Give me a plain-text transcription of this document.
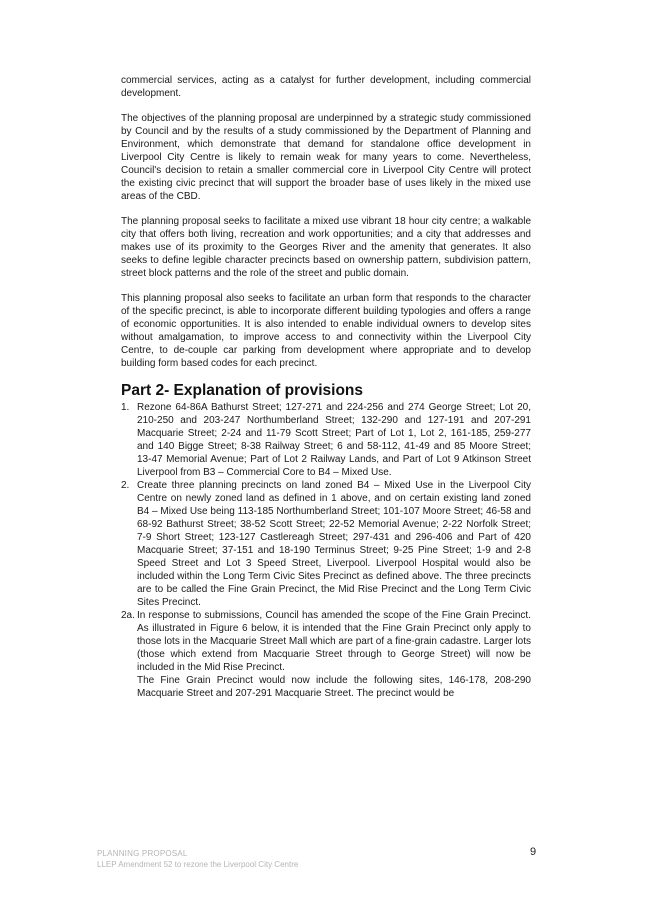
commercial services, acting as a catalyst for further development, including commercial development.

The objectives of the planning proposal are underpinned by a strategic study commissioned by Council and by the results of a study commissioned by the Department of Planning and Environment, which demonstrate that demand for standalone office development in Liverpool City Centre is likely to remain weak for many years to come. Nevertheless, Council's decision to retain a smaller commercial core in Liverpool City Centre will protect the existing civic precinct that will support the broader base of uses likely in the mixed use areas of the CBD.

The planning proposal seeks to facilitate a mixed use vibrant 18 hour city centre; a walkable city that offers both living, recreation and work opportunities; and a city that addresses and makes use of its proximity to the Georges River and the amenity that generates. It also seeks to define legible character precincts based on ownership pattern, subdivision pattern, street block patterns and the role of the street and public domain.

This planning proposal also seeks to facilitate an urban form that responds to the character of the specific precinct, is able to incorporate different building typologies and offers a range of economic opportunities. It is also intended to enable individual owners to develop sites without amalgamation, to improve access to and connectivity within the Liverpool City Centre, to de-couple car parking from development where appropriate and to develop building form based codes for each precinct.

Part 2- Explanation of provisions
1. Rezone 64-86A Bathurst Street; 127-271 and 224-256 and 274 George Street; Lot 20, 210-250 and 203-247 Northumberland Street; 132-290 and 127-191 and 207-291 Macquarie Street; 2-24 and 11-79 Scott Street; Part of Lot 1, Lot 2, 161-185, 259-277 and 140 Bigge Street; 8-38 Railway Street; 6 and 58-112, 41-49 and 85 Moore Street; 13-47 Memorial Avenue; Part of Lot 2 Railway Lands, and Part of Lot 9 Atkinson Street Liverpool from B3 – Commercial Core to B4 – Mixed Use.
2. Create three planning precincts on land zoned B4 – Mixed Use in the Liverpool City Centre on newly zoned land as defined in 1 above, and on certain existing land zoned B4 – Mixed Use being 113-185 Northumberland Street; 101-107 Moore Street; 46-58 and 68-92 Bathurst Street; 38-52 Scott Street; 22-52 Memorial Avenue; 2-22 Norfolk Street; 7-9 Short Street; 123-127 Castlereagh Street; 297-431 and 296-406 and Part of 420 Macquarie Street; 37-151 and 18-190 Terminus Street; 9-25 Pine Street; 1-9 and 2-8 Speed Street and Lot 3 Speed Street, Liverpool. Liverpool Hospital would also be included within the Long Term Civic Sites Precinct as defined above. The three precincts are to be called the Fine Grain Precinct, the Mid Rise Precinct and the Long Term Civic Sites Precinct.
2a. In response to submissions, Council has amended the scope of the Fine Grain Precinct. As illustrated in Figure 6 below, it is intended that the Fine Grain Precinct only apply to those lots in the Macquarie Street Mall which are part of a fine-grain cadastre. Larger lots (those which extend from Macquarie Street through to George Street) will now be included in the Mid Rise Precinct.
The Fine Grain Precinct would now include the following sites, 146-178, 208-290 Macquarie Street and 207-291 Macquarie Street. The precinct would be
PLANNING PROPOSAL
LLEP Amendment 52 to rezone the Liverpool City Centre
9
